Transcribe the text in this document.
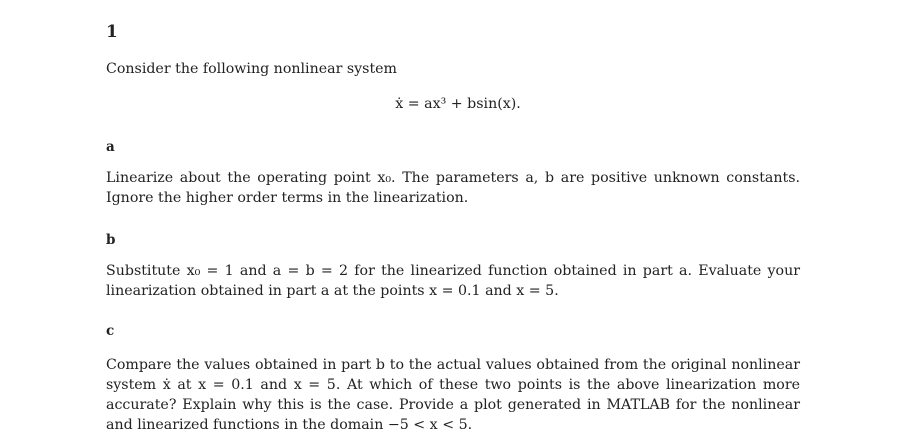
1
Consider the following nonlinear system
ẋ = ax³ + bsin(x).
a
Linearize about the operating point x₀. The parameters a, b are positive unknown constants. Ignore the higher order terms in the linearization.
b
Substitute x₀ = 1 and a = b = 2 for the linearized function obtained in part a. Evaluate your linearization obtained in part a at the points x = 0.1 and x = 5.
c
Compare the values obtained in part b to the actual values obtained from the original nonlinear system ẋ at x = 0.1 and x = 5. At which of these two points is the above linearization more accurate? Explain why this is the case. Provide a plot generated in MATLAB for the nonlinear and linearized functions in the domain −5 < x < 5.
